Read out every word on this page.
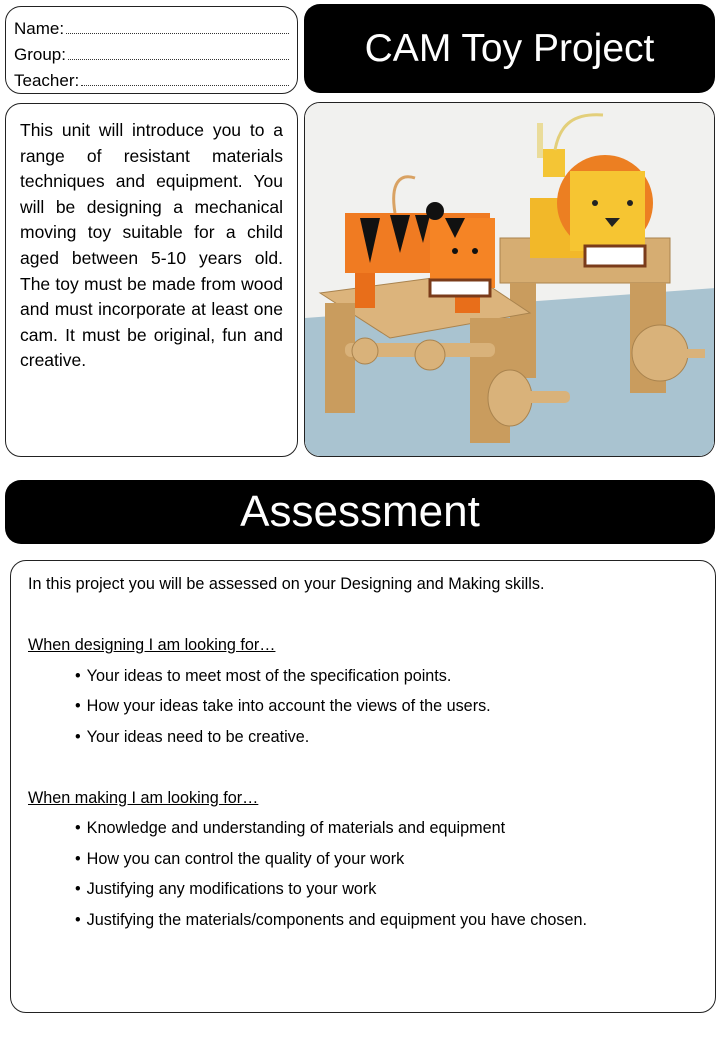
Name:
Group:
Teacher:
CAM Toy Project

This unit will introduce you to a range of resistant materials techniques and equipment. You will be designing a mechanical moving toy suitable for a child aged between 5-10 years old. The toy must be made from wood and must incorporate at least one cam. It must be original, fun and creative.

Assessment

In this project you will be assessed on your Designing and Making skills.

When designing I am looking for…

• Your ideas to meet most of the specification points.
• How your ideas take into account the views of the users.
• Your ideas need to be creative.

When making I am looking for…

• Knowledge and understanding of materials and equipment
• How you can control the quality of your work
• Justifying any modifications to your work
• Justifying the materials/components and equipment you have chosen.
